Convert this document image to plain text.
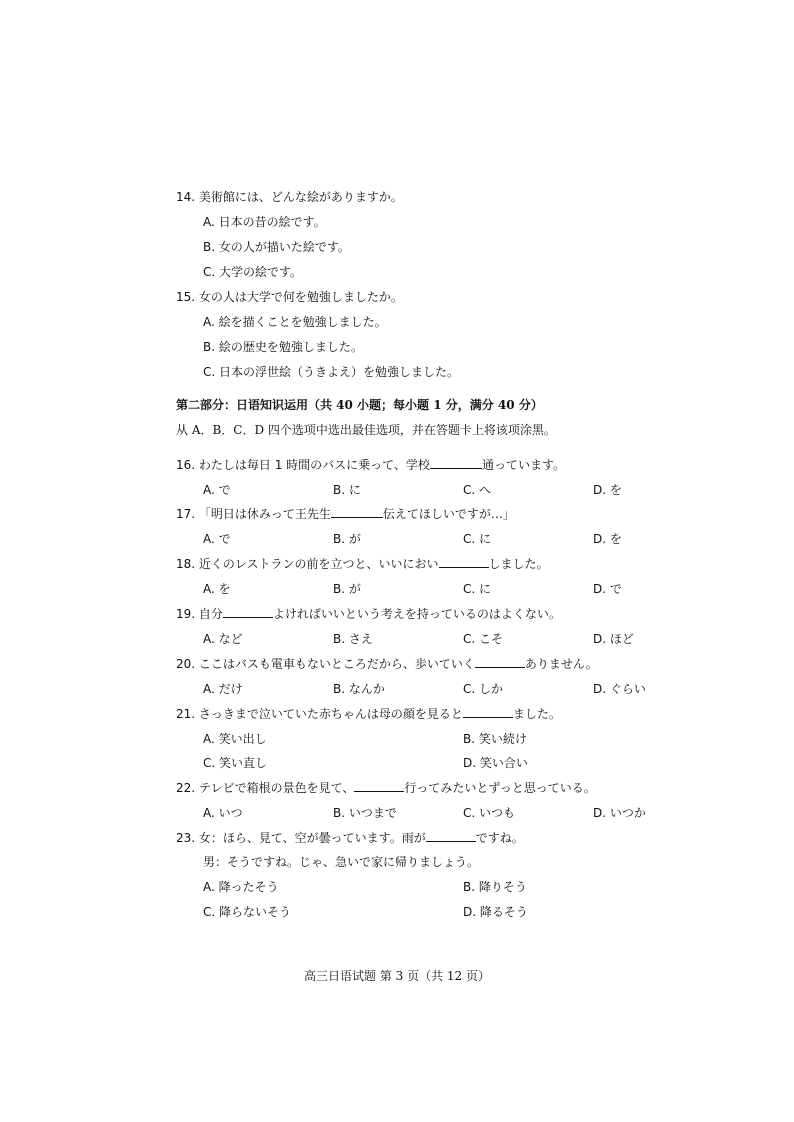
14. 美術館には、どんな絵がありますか。
A. 日本の昔の絵です。
B. 女の人が描いた絵です。
C. 大学の絵です。
15. 女の人は大学で何を勉強しましたか。
A. 絵を描くことを勉強しました。
B. 絵の歴史を勉強しました。
C. 日本の浮世絵（うきよえ）を勉強しました。
第二部分：日语知识运用（共 40 小题；每小题 1 分，满分 40 分）
从 A．B．C．D 四个选项中选出最佳选项，并在答题卡上将该项涂黑。
16. わたしは毎日 1 時間のバスに乗って、学校	通っています。
A. で	B. に	C. へ	D. を
17. 「明日は休みって王先生	伝えてほしいですが…」
A. で	B. が	C. に	D. を
18. 近くのレストランの前を立つと、いいにおい	しました。
A. を	B. が	C. に	D. で
19. 自分	よければいいという考えを持っているのはよくない。
A. など	B. さえ	C. こそ	D. ほど
20. ここはバスも電車もないところだから、歩いていく	ありません。
A. だけ	B. なんか	C. しか	D. ぐらい
21. さっきまで泣いていた赤ちゃんは母の顔を見ると	ました。
A. 笑い出し	B. 笑い続け
C. 笑い直し	D. 笑い合い
22. テレビで箱根の景色を見て、	行ってみたいとずっと思っている。
A. いつ	B. いつまで	C. いつも	D. いつか
23. 女：ほら、見て、空が曇っています。雨が	ですね。
男：そうですね。じゃ、急いで家に帰りましょう。
A. 降ったそう	B. 降りそう
C. 降らないそう	D. 降るそう
高三日语试题 第 3 页（共 12 页）
